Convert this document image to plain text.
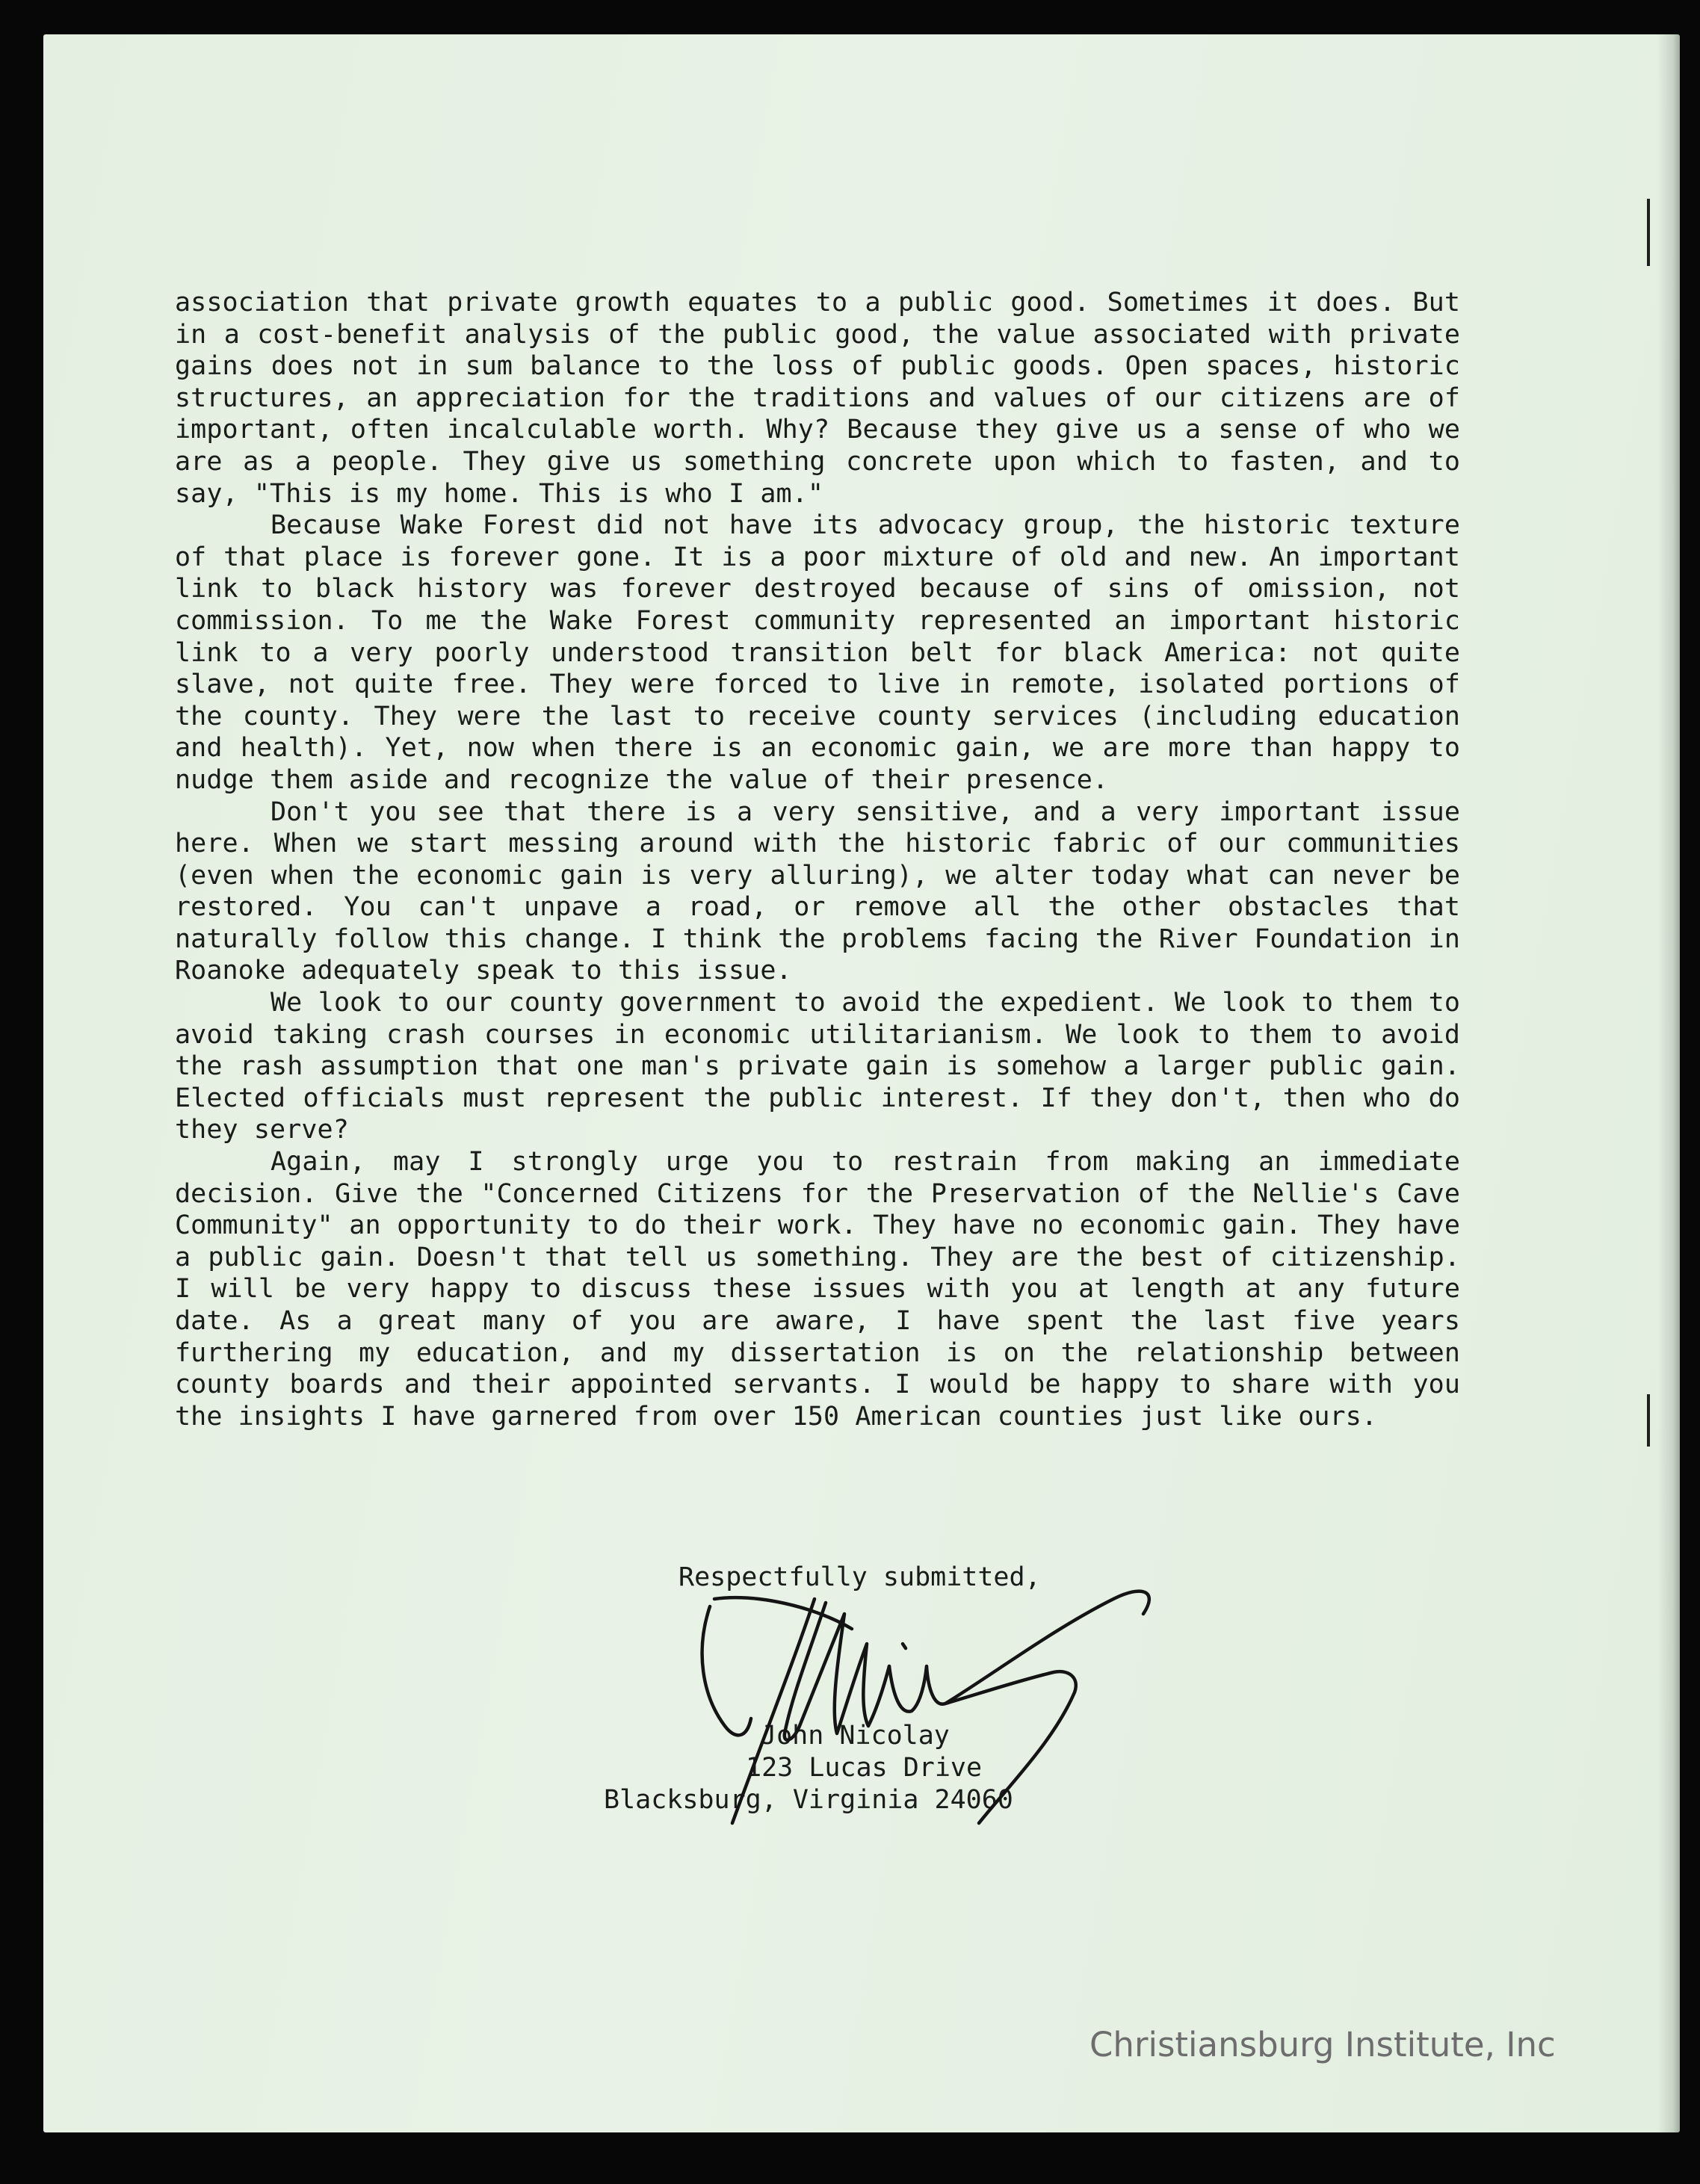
association that private growth equates to a public good. Sometimes it does. But in a cost-benefit analysis of the public good, the value associated with private gains does not in sum balance to the loss of public goods. Open spaces, historic structures, an appreciation for the traditions and values of our citizens are of important, often incalculable worth. Why? Because they give us a sense of who we are as a people. They give us something concrete upon which to fasten, and to say, "This is my home. This is who I am."

Because Wake Forest did not have its advocacy group, the historic texture of that place is forever gone. It is a poor mixture of old and new. An important link to black history was forever destroyed because of sins of omission, not commission. To me the Wake Forest community represented an important historic link to a very poorly understood transition belt for black America: not quite slave, not quite free. They were forced to live in remote, isolated portions of the county. They were the last to receive county services (including education and health). Yet, now when there is an economic gain, we are more than happy to nudge them aside and recognize the value of their presence.

Don't you see that there is a very sensitive, and a very important issue here. When we start messing around with the historic fabric of our communities (even when the economic gain is very alluring), we alter today what can never be restored. You can't unpave a road, or remove all the other obstacles that naturally follow this change. I think the problems facing the River Foundation in Roanoke adequately speak to this issue.

We look to our county government to avoid the expedient. We look to them to avoid taking crash courses in economic utilitarianism. We look to them to avoid the rash assumption that one man's private gain is somehow a larger public gain. Elected officials must represent the public interest. If they don't, then who do they serve?

Again, may I strongly urge you to restrain from making an immediate decision. Give the "Concerned Citizens for the Preservation of the Nellie's Cave Community" an opportunity to do their work. They have no economic gain. They have a public gain. Doesn't that tell us something. They are the best of citizenship. I will be very happy to discuss these issues with you at length at any future date. As a great many of you are aware, I have spent the last five years furthering my education, and my dissertation is on the relationship between county boards and their appointed servants. I would be happy to share with you the insights I have garnered from over 150 American counties just like ours.

Respectfully submitted,
John Nicolay
123 Lucas Drive
Blacksburg, Virginia 24060
Christiansburg Institute, Inc
